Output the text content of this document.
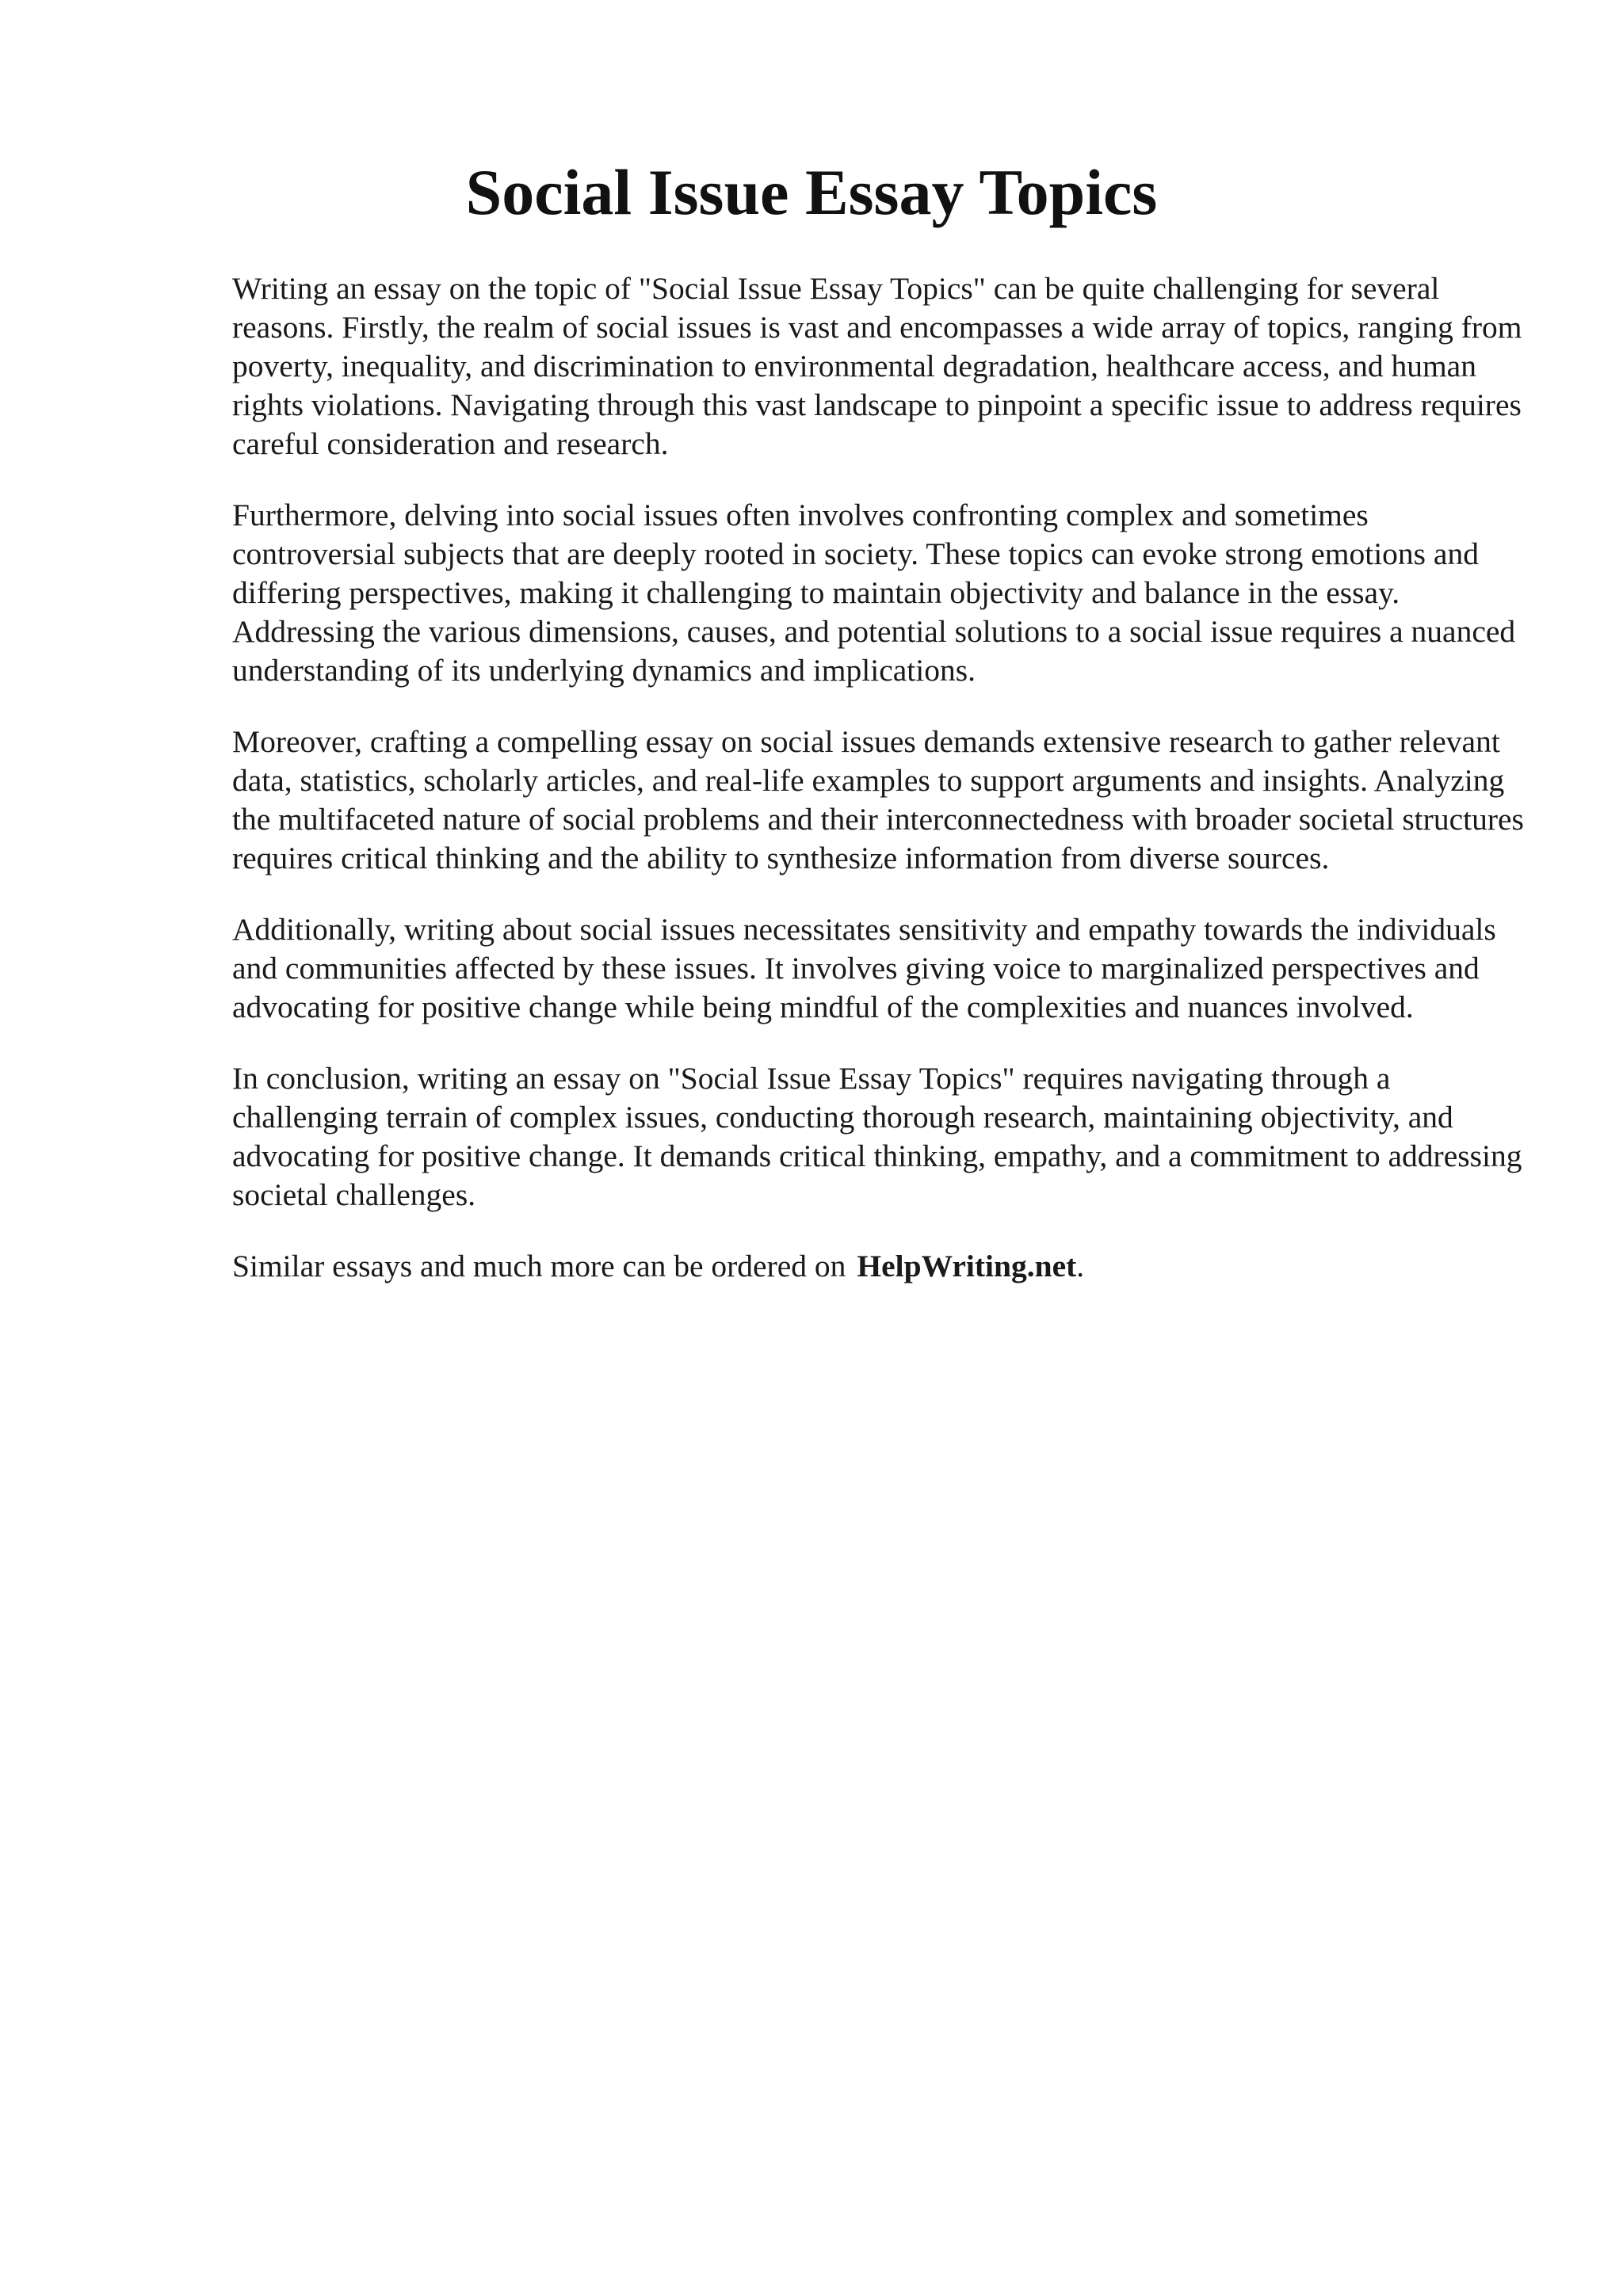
Social Issue Essay Topics

Writing an essay on the topic of "Social Issue Essay Topics" can be quite challenging for several reasons. Firstly, the realm of social issues is vast and encompasses a wide array of topics, ranging from poverty, inequality, and discrimination to environmental degradation, healthcare access, and human rights violations. Navigating through this vast landscape to pinpoint a specific issue to address requires careful consideration and research.

Furthermore, delving into social issues often involves confronting complex and sometimes controversial subjects that are deeply rooted in society. These topics can evoke strong emotions and differing perspectives, making it challenging to maintain objectivity and balance in the essay. Addressing the various dimensions, causes, and potential solutions to a social issue requires a nuanced understanding of its underlying dynamics and implications.

Moreover, crafting a compelling essay on social issues demands extensive research to gather relevant data, statistics, scholarly articles, and real-life examples to support arguments and insights. Analyzing the multifaceted nature of social problems and their interconnectedness with broader societal structures requires critical thinking and the ability to synthesize information from diverse sources.

Additionally, writing about social issues necessitates sensitivity and empathy towards the individuals and communities affected by these issues. It involves giving voice to marginalized perspectives and advocating for positive change while being mindful of the complexities and nuances involved.

In conclusion, writing an essay on "Social Issue Essay Topics" requires navigating through a challenging terrain of complex issues, conducting thorough research, maintaining objectivity, and advocating for positive change. It demands critical thinking, empathy, and a commitment to addressing societal challenges.

Similar essays and much more can be ordered on HelpWriting.net.
